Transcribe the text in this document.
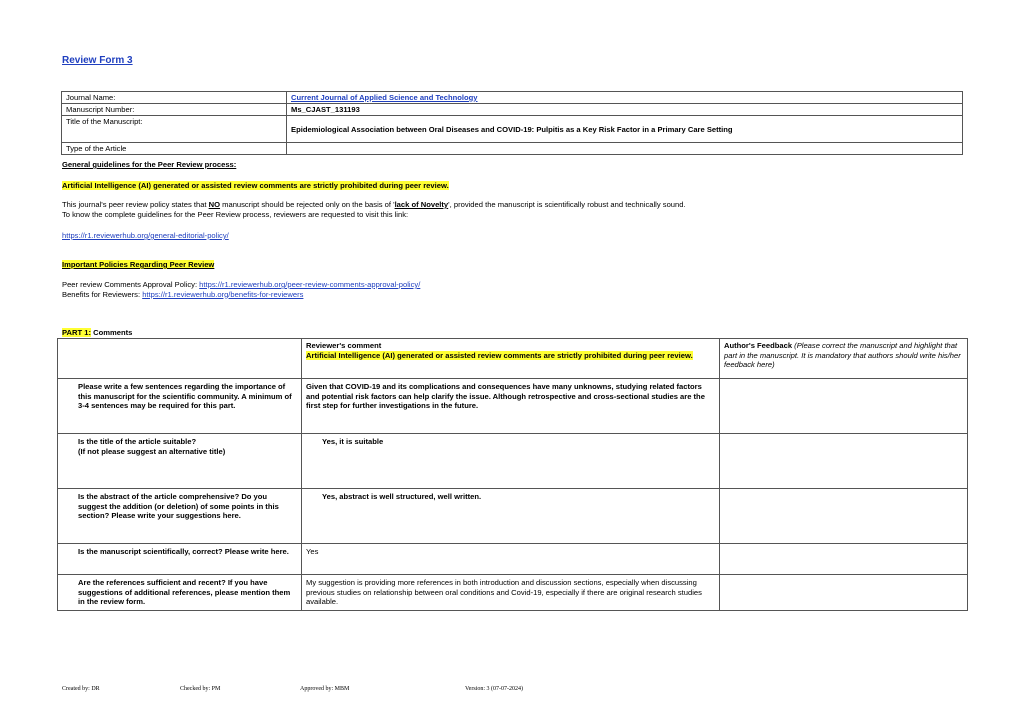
Review Form 3
Journal Name:	Current Journal of Applied Science and Technology
Manuscript Number:	Ms_CJAST_131193
Title of the Manuscript:	Epidemiological Association between Oral Diseases and COVID-19: Pulpitis as a Key Risk Factor in a Primary Care Setting
Type of the Article	
General guidelines for the Peer Review process:
Artificial Intelligence (AI) generated or assisted review comments are strictly prohibited during peer review.
This journal's peer review policy states that NO manuscript should be rejected only on the basis of 'lack of Novelty', provided the manuscript is scientifically robust and technically sound.
To know the complete guidelines for the Peer Review process, reviewers are requested to visit this link:
https://r1.reviewerhub.org/general-editorial-policy/
Important Policies Regarding Peer Review
Peer review Comments Approval Policy: https://r1.reviewerhub.org/peer-review-comments-approval-policy/
Benefits for Reviewers: https://r1.reviewerhub.org/benefits-for-reviewers
PART 1: Comments

	Reviewer's comment
Artificial Intelligence (AI) generated or assisted review comments are strictly prohibited during peer review.	Author's Feedback (Please correct the manuscript and highlight that part in the manuscript. It is mandatory that authors should write his/her feedback here)
Please write a few sentences regarding the importance of this manuscript for the scientific community. A minimum of 3-4 sentences may be required for this part.	Given that COVID-19 and its complications and consequences have many unknowns, studying related factors and potential risk factors can help clarify the issue. Although retrospective and cross-sectional studies are the first step for further investigations in the future.	
Is the title of the article suitable?
(If not please suggest an alternative title)	Yes, it is suitable	
Is the abstract of the article comprehensive? Do you suggest the addition (or deletion) of some points in this section? Please write your suggestions here.	Yes, abstract is well structured, well written.	
Is the manuscript scientifically, correct? Please write here.	Yes	
Are the references sufficient and recent? If you have suggestions of additional references, please mention them in the review form.	My suggestion is providing more references in both introduction and discussion sections, especially when discussing previous studies on relationship between oral conditions and Covid-19, especially if there are original research studies available.	
Created by: DR	Checked by: PM	Approved by: MBM	Version: 3 (07-07-2024)
